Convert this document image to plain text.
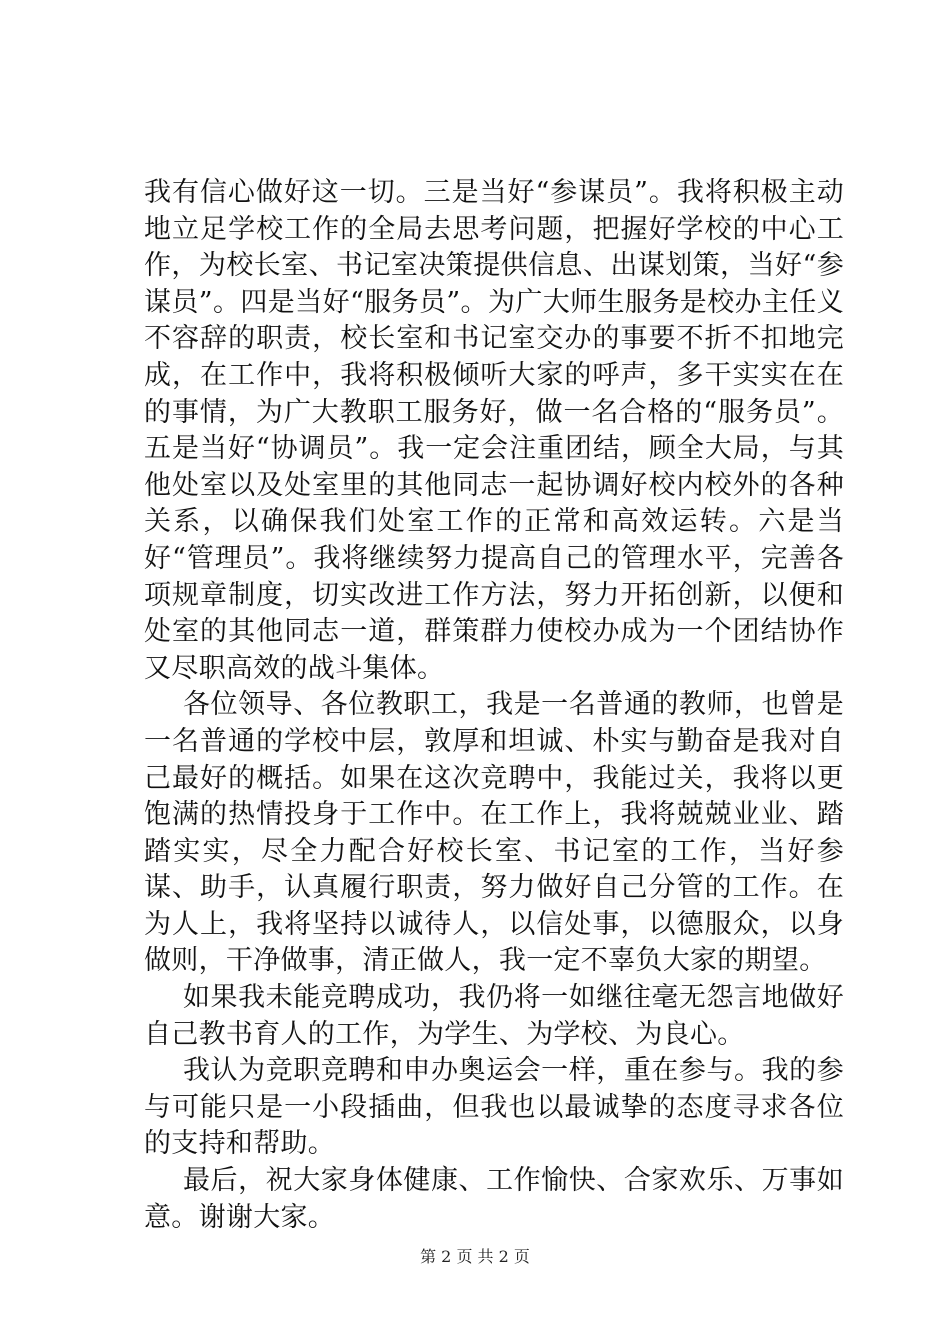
我有信心做好这一切。三是当好“参谋员”。我将积极主动地立足学校工作的全局去思考问题，把握好学校的中心工作，为校长室、书记室决策提供信息、出谋划策，当好“参谋员”。四是当好“服务员”。为广大师生服务是校办主任义不容辞的职责，校长室和书记室交办的事要不折不扣地完成，在工作中，我将积极倾听大家的呼声，多干实实在在的事情，为广大教职工服务好，做一名合格的“服务员”。五是当好“协调员”。我一定会注重团结，顾全大局，与其他处室以及处室里的其他同志一起协调好校内校外的各种关系，以确保我们处室工作的正常和高效运转。六是当好“管理员”。我将继续努力提高自己的管理水平，完善各项规章制度，切实改进工作方法，努力开拓创新，以便和处室的其他同志一道，群策群力使校办成为一个团结协作又尽职高效的战斗集体。

各位领导、各位教职工，我是一名普通的教师，也曾是一名普通的学校中层，敦厚和坦诚、朴实与勤奋是我对自己最好的概括。如果在这次竞聘中，我能过关，我将以更饱满的热情投身于工作中。在工作上，我将兢兢业业、踏踏实实，尽全力配合好校长室、书记室的工作，当好参谋、助手，认真履行职责，努力做好自己分管的工作。在为人上，我将坚持以诚待人，以信处事，以德服众，以身做则，干净做事，清正做人，我一定不辜负大家的期望。

如果我未能竞聘成功，我仍将一如继往毫无怨言地做好自己教书育人的工作，为学生、为学校、为良心。

我认为竞职竞聘和申办奥运会一样，重在参与。我的参与可能只是一小段插曲，但我也以最诚挚的态度寻求各位的支持和帮助。

最后，祝大家身体健康、工作愉快、合家欢乐、万事如意。谢谢大家。

第 2 页 共 2 页
